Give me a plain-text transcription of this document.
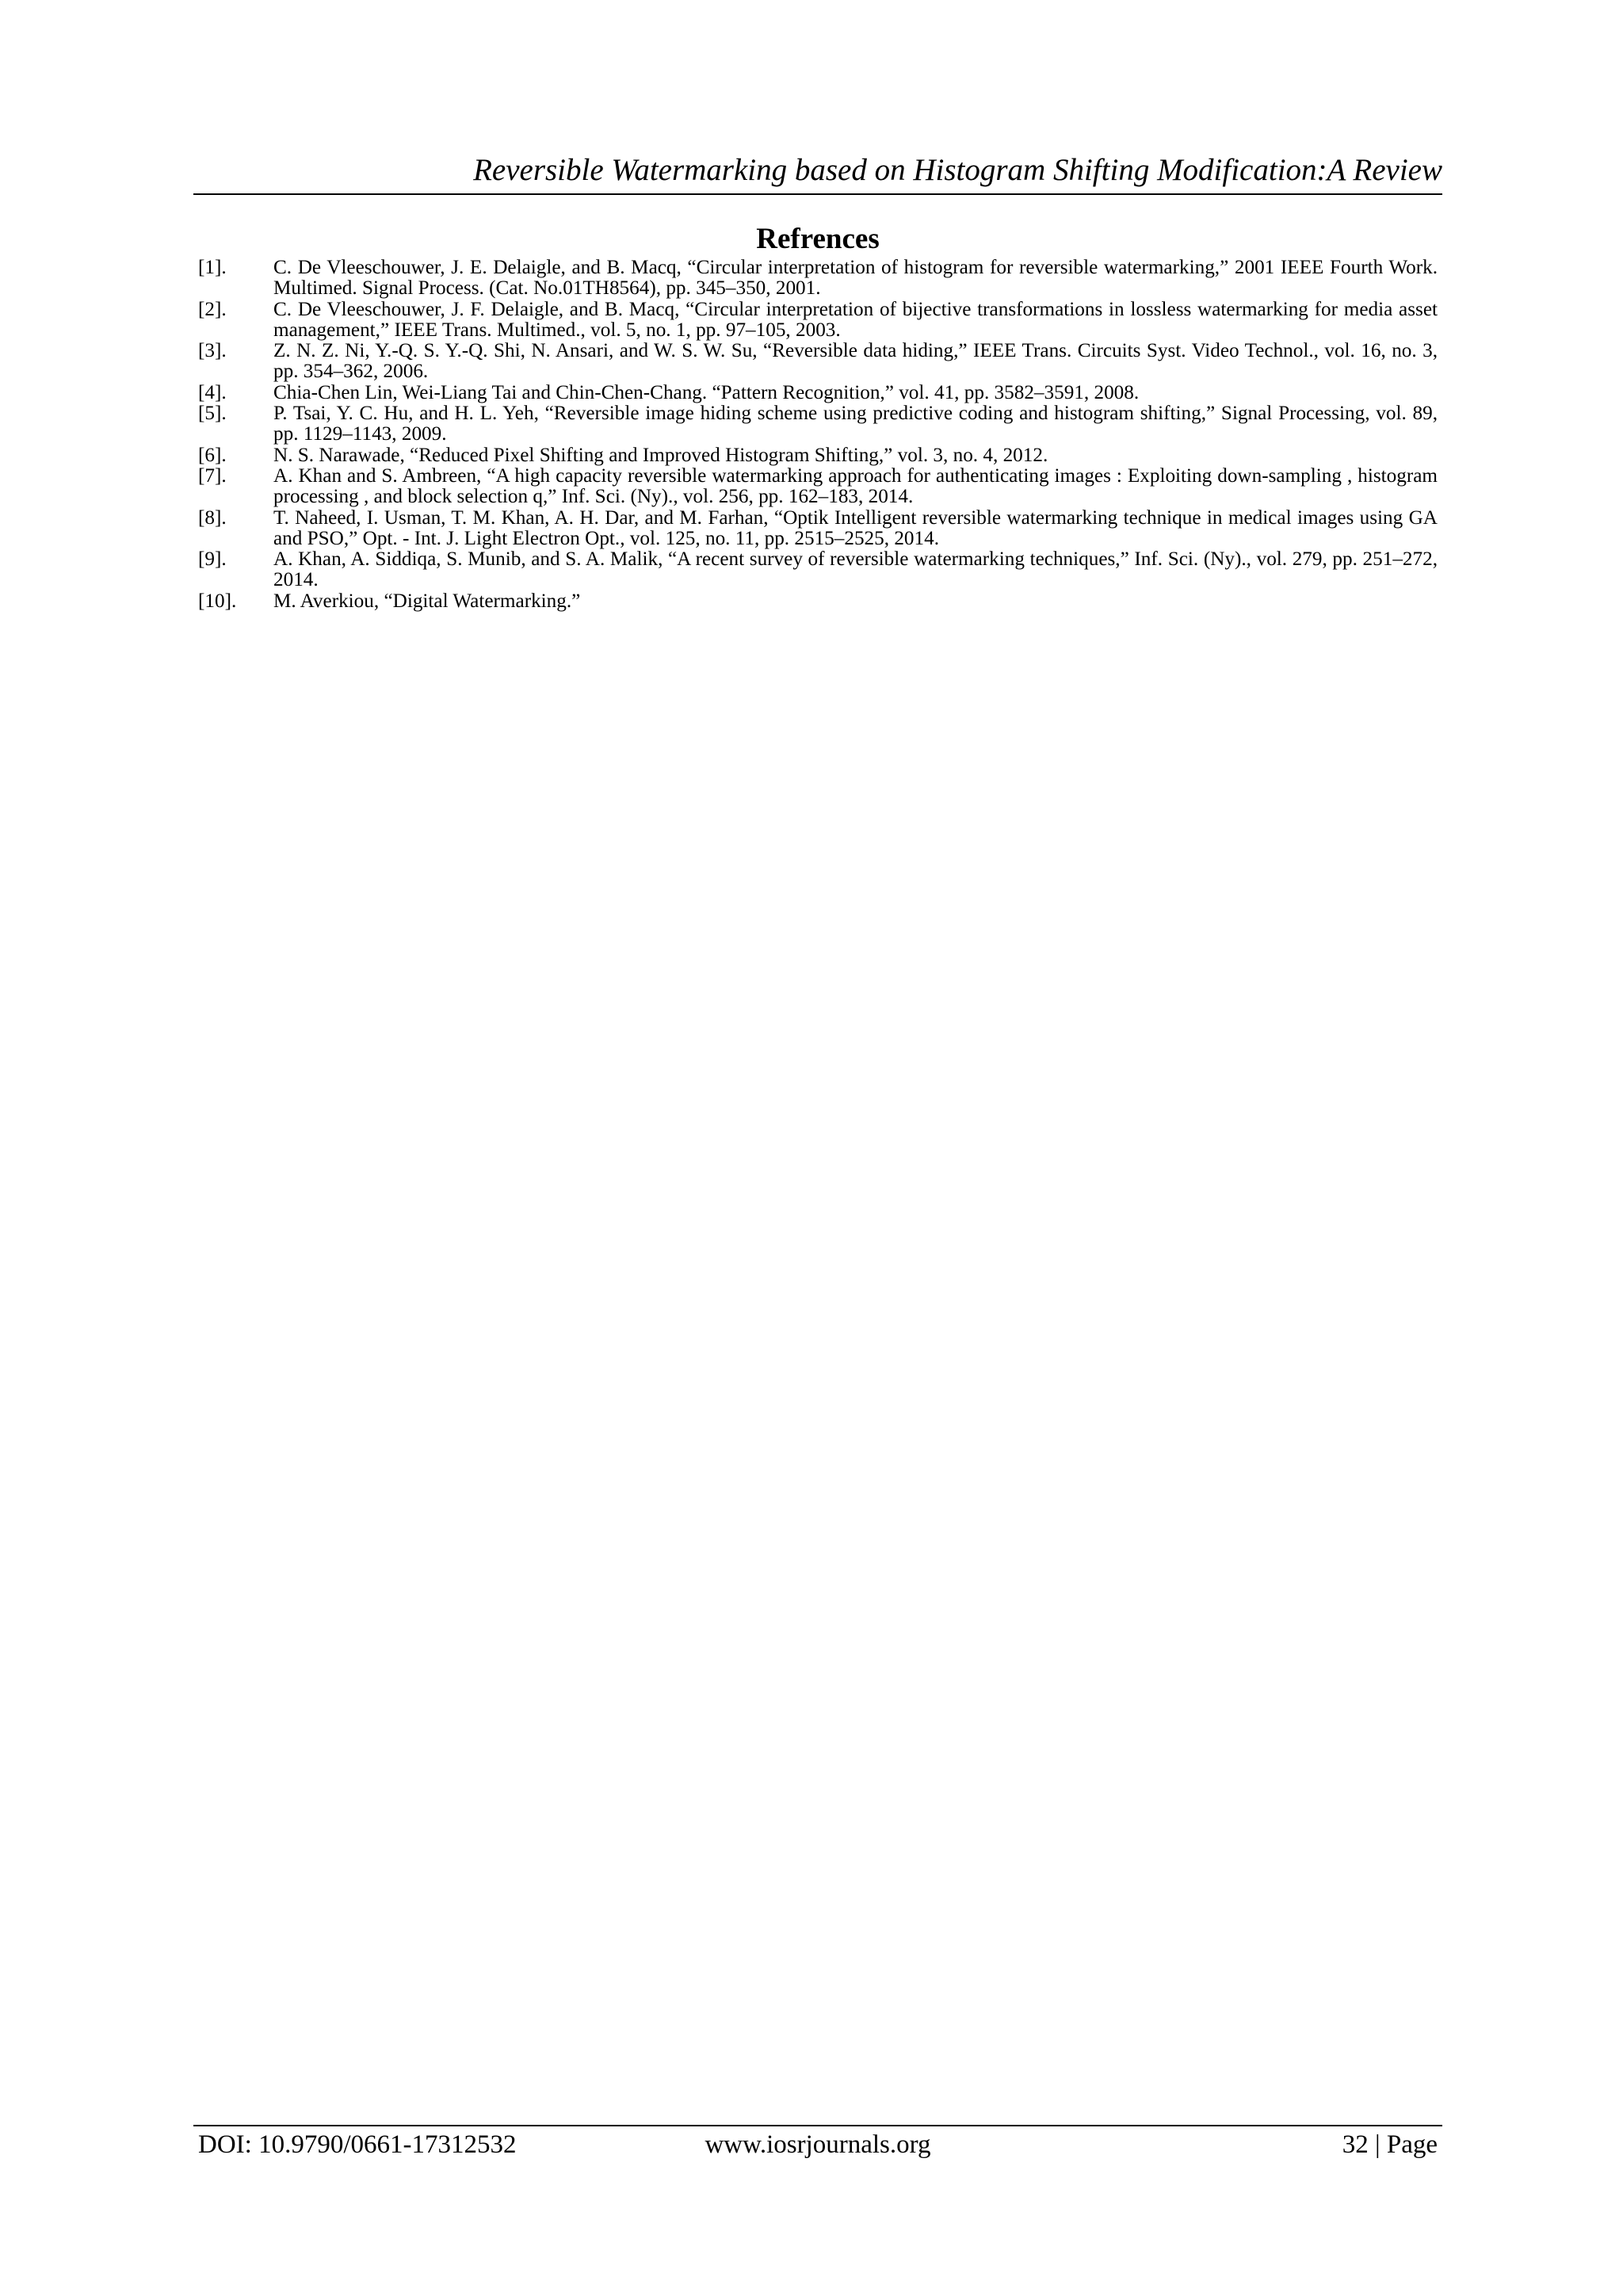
Reversible Watermarking based on Histogram Shifting Modification:A Review
Refrences
[1].	C. De Vleeschouwer, J. E. Delaigle, and B. Macq, “Circular interpretation of histogram for reversible watermarking,” 2001 IEEE Fourth Work. Multimed. Signal Process. (Cat. No.01TH8564), pp. 345–350, 2001.
[2].	C. De Vleeschouwer, J. F. Delaigle, and B. Macq, “Circular interpretation of bijective transformations in lossless watermarking for media asset management,” IEEE Trans. Multimed., vol. 5, no. 1, pp. 97–105, 2003.
[3].	Z. N. Z. Ni, Y.-Q. S. Y.-Q. Shi, N. Ansari, and W. S. W. Su, “Reversible data hiding,” IEEE Trans. Circuits Syst. Video Technol., vol. 16, no. 3, pp. 354–362, 2006.
[4].	Chia-Chen Lin, Wei-Liang Tai and Chin-Chen-Chang. “Pattern Recognition,” vol. 41, pp. 3582–3591, 2008.
[5].	P. Tsai, Y. C. Hu, and H. L. Yeh, “Reversible image hiding scheme using predictive coding and histogram shifting,” Signal Processing, vol. 89, pp. 1129–1143, 2009.
[6].	N. S. Narawade, “Reduced Pixel Shifting and Improved Histogram Shifting,” vol. 3, no. 4, 2012.
[7].	A. Khan and S. Ambreen, “A high capacity reversible watermarking approach for authenticating images : Exploiting down-sampling , histogram processing , and block selection q,” Inf. Sci. (Ny)., vol. 256, pp. 162–183, 2014.
[8].	T. Naheed, I. Usman, T. M. Khan, A. H. Dar, and M. Farhan, “Optik Intelligent reversible watermarking technique in medical images using GA and PSO,” Opt. - Int. J. Light Electron Opt., vol. 125, no. 11, pp. 2515–2525, 2014.
[9].	A. Khan, A. Siddiqa, S. Munib, and S. A. Malik, “A recent survey of reversible watermarking techniques,” Inf. Sci. (Ny)., vol. 279, pp. 251–272, 2014.
[10].	M. Averkiou, “Digital Watermarking.”
DOI: 10.9790/0661-17312532	www.iosrjournals.org	32 | Page
